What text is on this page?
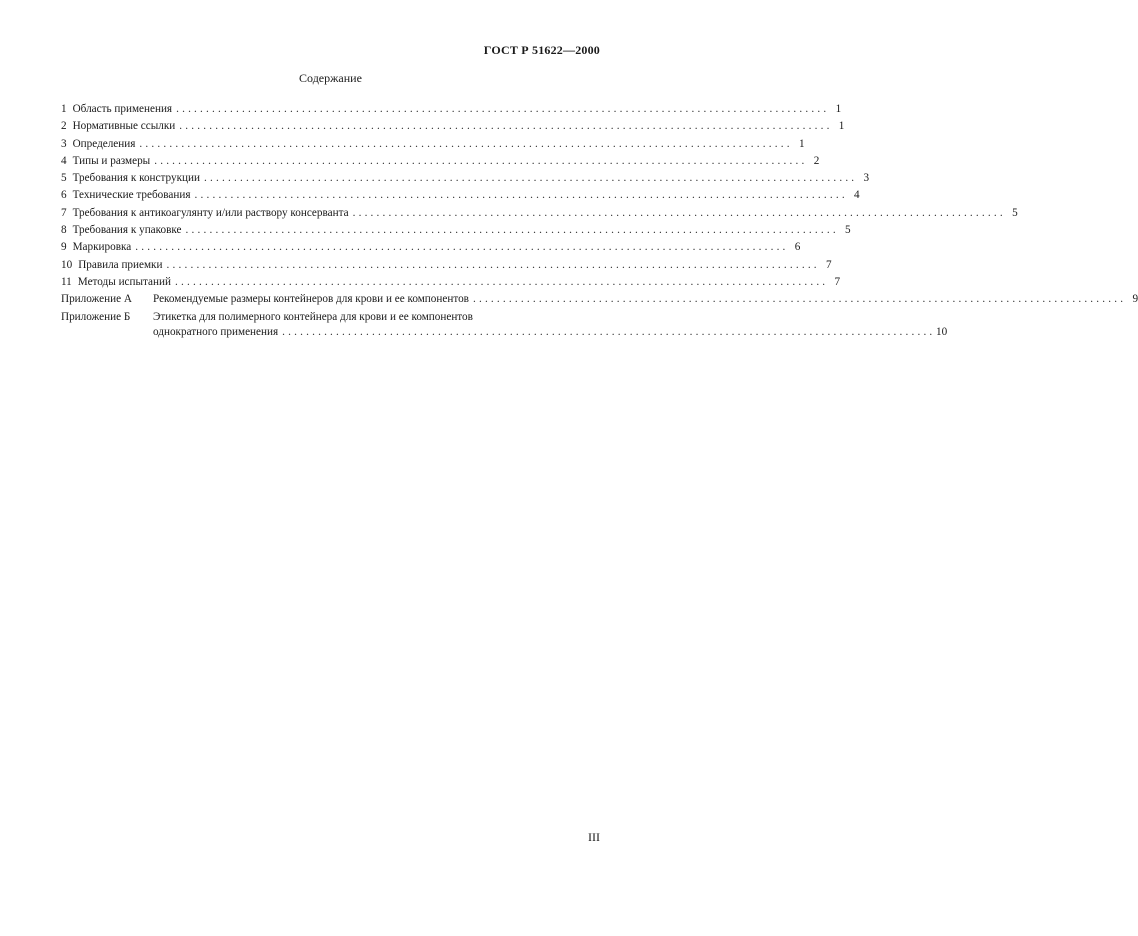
ГОСТ Р 51622—2000
Содержание
1 Область применения . . .	1
2 Нормативные ссылки . . .	1
3 Определения . . .	1
4 Типы и размеры . . .	2
5 Требования к конструкции . . .	3
6 Технические требования . . .	4
7 Требования к антикоагулянту и/или раствору консерванта . . .	5
8 Требования к упаковке . . .	5
9 Маркировка . . .	6
10 Правила приемки . . .	7
11 Методы испытаний . . .	7
Приложение А	Рекомендуемые размеры контейнеров для крови и ее компонентов . . .	9
Приложение Б	Этикетка для полимерного контейнера для крови и ее компонентов
однократного применения . . .	10
III
